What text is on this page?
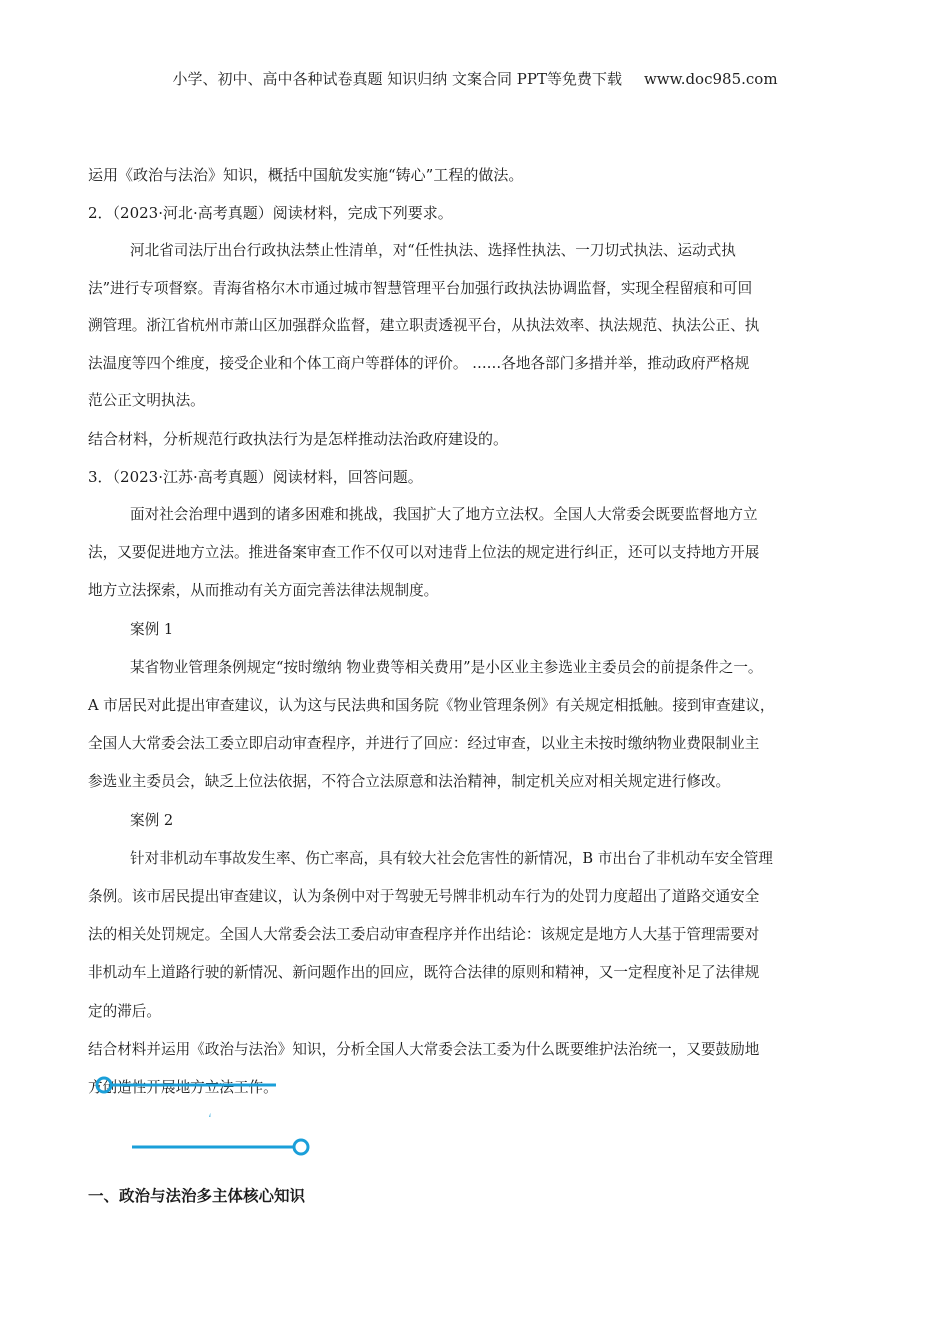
小学、初中、高中各种试卷真题 知识归纳 文案合同 PPT等免费下载 www.doc985.com
运用《政治与法治》知识，概括中国航发实施“铸心”工程的做法。
2．（2023·河北·高考真题）阅读材料，完成下列要求。
河北省司法厅出台行政执法禁止性清单，对“任性执法、选择性执法、一刀切式执法、运动式执
法”进行专项督察。青海省格尔木市通过城市智慧管理平台加强行政执法协调监督，实现全程留痕和可回
溯管理。浙江省杭州市萧山区加强群众监督，建立职责透视平台，从执法效率、执法规范、执法公正、执
法温度等四个维度，接受企业和个体工商户等群体的评价。 ……各地各部门多措并举，推动政府严格规
范公正文明执法。
结合材料，分析规范行政执法行为是怎样推动法治政府建设的。
3．（2023·江苏·高考真题）阅读材料，回答问题。
面对社会治理中遇到的诸多困难和挑战，我国扩大了地方立法权。全国人大常委会既要监督地方立
法，又要促进地方立法。推进备案审查工作不仅可以对违背上位法的规定进行纠正，还可以支持地方开展
地方立法探索，从而推动有关方面完善法律法规制度。
案例 1
某省物业管理条例规定“按时缴纳 物业费等相关费用”是小区业主参选业主委员会的前提条件之一。
A 市居民对此提出审查建议，认为这与民法典和国务院《物业管理条例》有关规定相抵触。接到审查建议，
全国人大常委会法工委立即启动审查程序，并进行了回应：经过审查，以业主未按时缴纳物业费限制业主
参选业主委员会，缺乏上位法依据，不符合立法原意和法治精神，制定机关应对相关规定进行修改。
案例 2
针对非机动车事故发生率、伤亡率高，具有较大社会危害性的新情况，B 市出台了非机动车安全管理
条例。该市居民提出审查建议，认为条例中对于驾驶无号牌非机动车行为的处罚力度超出了道路交通安全
法的相关处罚规定。全国人大常委会法工委启动审查程序并作出结论：该规定是地方人大基于管理需要对
非机动车上道路行驶的新情况、新问题作出的回应，既符合法律的原则和精神，又一定程度补足了法律规
定的滞后。
结合材料并运用《政治与法治》知识，分析全国人大常委会法工委为什么既要维护法治统一，又要鼓励地
方创造性开展地方立法工作。
解题秘籍
一、政治与法治多主体核心知识
